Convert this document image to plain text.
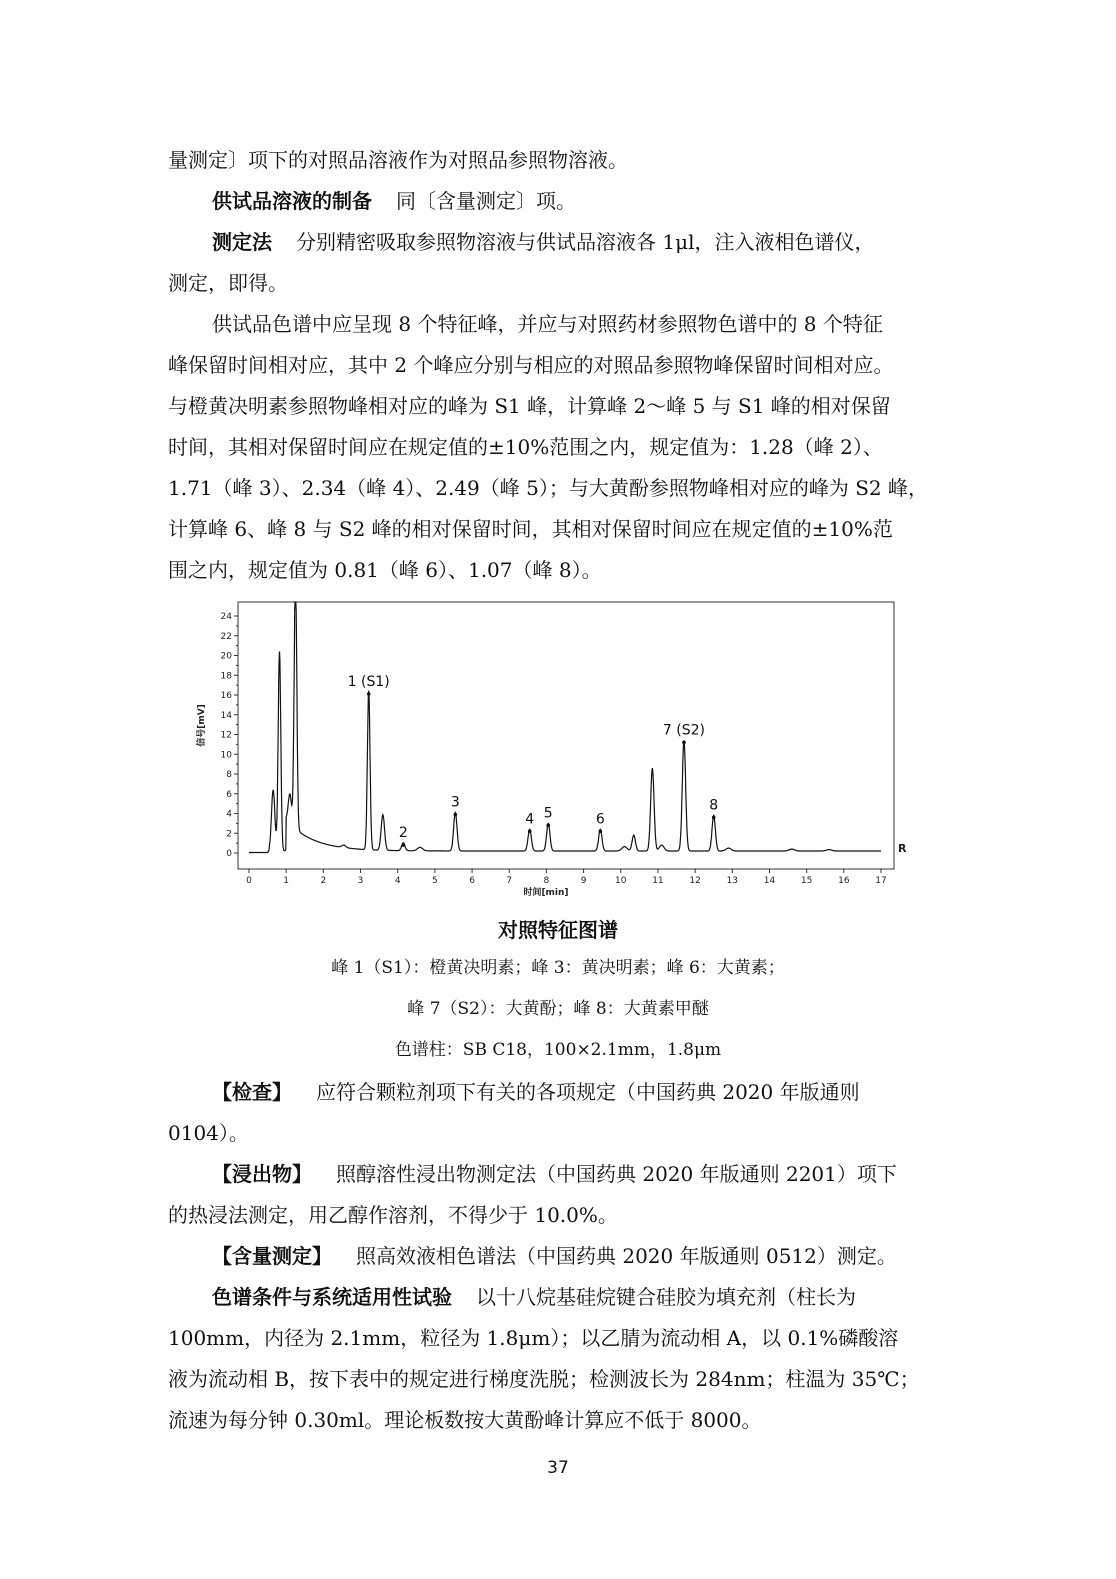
量测定〕项下的对照品溶液作为对照品参照物溶液。
供试品溶液的制备 同〔含量测定〕项。
测定法 分别精密吸取参照物溶液与供试品溶液各 1μl，注入液相色谱仪，
测定，即得。
供试品色谱中应呈现 8 个特征峰，并应与对照药材参照物色谱中的 8 个特征
峰保留时间相对应，其中 2 个峰应分别与相应的对照品参照物峰保留时间相对应。
与橙黄决明素参照物峰相对应的峰为 S1 峰，计算峰 2～峰 5 与 S1 峰的相对保留
时间，其相对保留时间应在规定值的±10%范围之内，规定值为：1.28（峰 2）、
1.71（峰 3）、2.34（峰 4）、2.49（峰 5）；与大黄酚参照物峰相对应的峰为 S2 峰，
计算峰 6、峰 8 与 S2 峰的相对保留时间，其相对保留时间应在规定值的±10%范
围之内，规定值为 0.81（峰 6）、1.07（峰 8）。
0
2
4
6
8
10
12
14
16
18
20
22
24
0	1	2	3	4	5	6	7	8	9	10	11	12	13	14	15	16	17
时间[min]
信号[mV]
R
1 (S1)
2
3
4 5	6
7 (S2)
8
对照特征图谱
峰 1（S1）：橙黄决明素；峰 3：黄决明素；峰 6：大黄素；
峰 7（S2）：大黄酚；峰 8：大黄素甲醚
色谱柱：SB C18，100×2.1mm，1.8μm
【检查】 应符合颗粒剂项下有关的各项规定（中国药典 2020 年版通则
0104）。
【浸出物】 照醇溶性浸出物测定法（中国药典 2020 年版通则 2201）项下
的热浸法测定，用乙醇作溶剂，不得少于 10.0%。
【含量测定】 照高效液相色谱法（中国药典 2020 年版通则 0512）测定。
色谱条件与系统适用性试验 以十八烷基硅烷键合硅胶为填充剂（柱长为
100mm，内径为 2.1mm，粒径为 1.8μm）；以乙腈为流动相 A，以 0.1%磷酸溶
液为流动相 B，按下表中的规定进行梯度洗脱；检测波长为 284nm；柱温为 35℃；
流速为每分钟 0.30ml。理论板数按大黄酚峰计算应不低于 8000。
37
